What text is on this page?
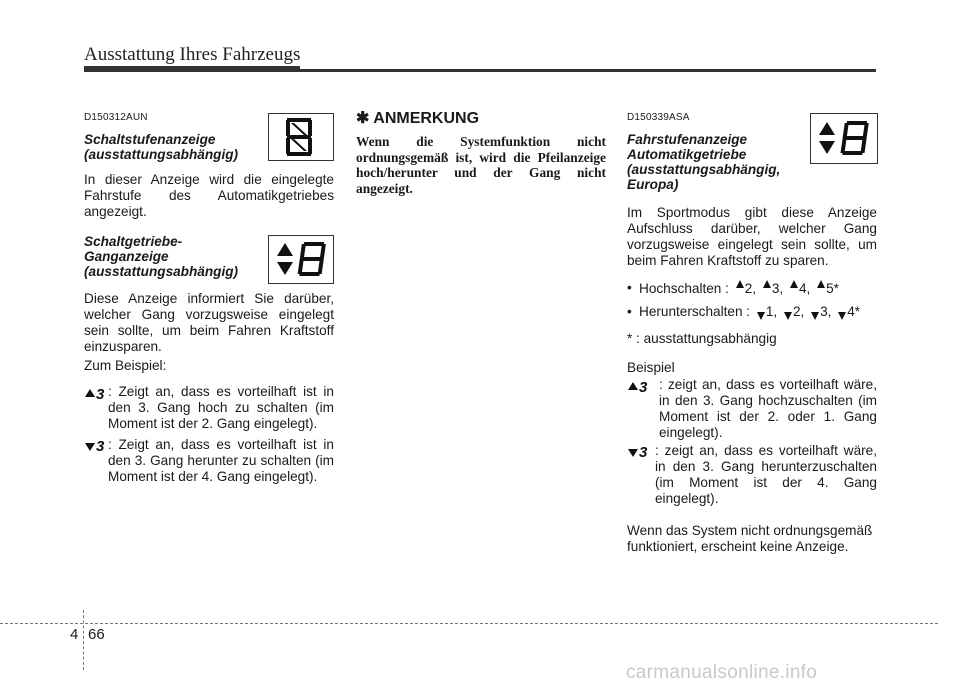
Ausstattung Ihres Fahrzeugs
D150312AUN
Schaltstufenanzeige (ausstattungsabhängig)

In dieser Anzeige wird die eingelegte Fahrstufe des Automatikgetriebes angezeigt.

Schaltgetriebe-Ganganzeige (ausstattungsabhängig)

Diese Anzeige informiert Sie darüber, welcher Gang vorzugsweise eingelegt sein sollte, um beim Fahren Kraftstoff einzusparen.

Zum Beispiel:

3 : Zeigt an, dass es vorteilhaft ist in den 3. Gang hoch zu schalten (im Moment ist der 2. Gang eingelegt).
3 : Zeigt an, dass es vorteilhaft ist in den 3. Gang herunter zu schalten (im Moment ist der 4. Gang eingelegt).
✱ ANMERKUNG
Wenn die Systemfunktion nicht ordnungsgemäß ist, wird die Pfeilanzeige hoch/herunter und der Gang nicht angezeigt.
D150339ASA
Fahrstufenanzeige Automatikgetriebe (ausstattungsabhängig, Europa)

Im Sportmodus gibt diese Anzeige Aufschluss darüber, welcher Gang vorzugsweise eingelegt sein sollte, um beim Fahren Kraftstoff zu sparen.

• Hochschalten : 2, 3, 4, 5*
• Herunterschalten : 1, 2, 3, 4*

* : ausstattungsabhängig

Beispiel

3 : zeigt an, dass es vorteilhaft wäre, in den 3. Gang hochzuschalten (im Moment ist der 2. oder 1. Gang eingelegt).
3 : zeigt an, dass es vorteilhaft wäre, in den 3. Gang herunterzuschalten (im Moment ist der 4. Gang eingelegt).

Wenn das System nicht ordnungsgemäß funktioniert, erscheint keine Anzeige.

4 66
carmanualsonline.info
